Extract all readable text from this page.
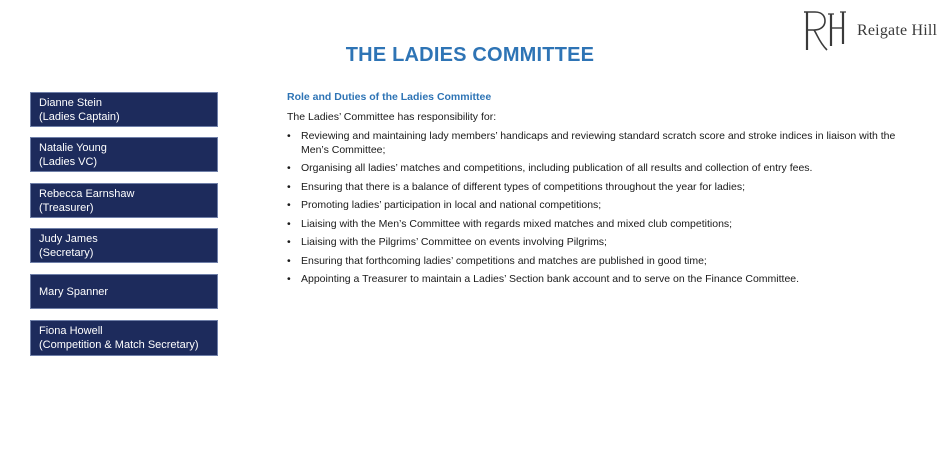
Reigate Hill
THE LADIES COMMITTEE
Dianne Stein
(Ladies Captain)
Natalie Young
(Ladies VC)
Rebecca Earnshaw
(Treasurer)
Judy James
(Secretary)
Mary Spanner
Fiona Howell
(Competition & Match Secretary)
Role and Duties of the Ladies Committee
The Ladies’ Committee has responsibility for:
• Reviewing and maintaining lady members’ handicaps and reviewing standard scratch score and stroke indices in liaison with the Men’s Committee;
• Organising all ladies’ matches and competitions, including publication of all results and collection of entry fees.
• Ensuring that there is a balance of different types of competitions throughout the year for ladies;
• Promoting ladies’ participation in local and national competitions;
• Liaising with the Men’s Committee with regards mixed matches and mixed club competitions;
• Liaising with the Pilgrims’ Committee on events involving Pilgrims;
• Ensuring that forthcoming ladies’ competitions and matches are published in good time;
• Appointing a Treasurer to maintain a Ladies’ Section bank account and to serve on the Finance Committee.
